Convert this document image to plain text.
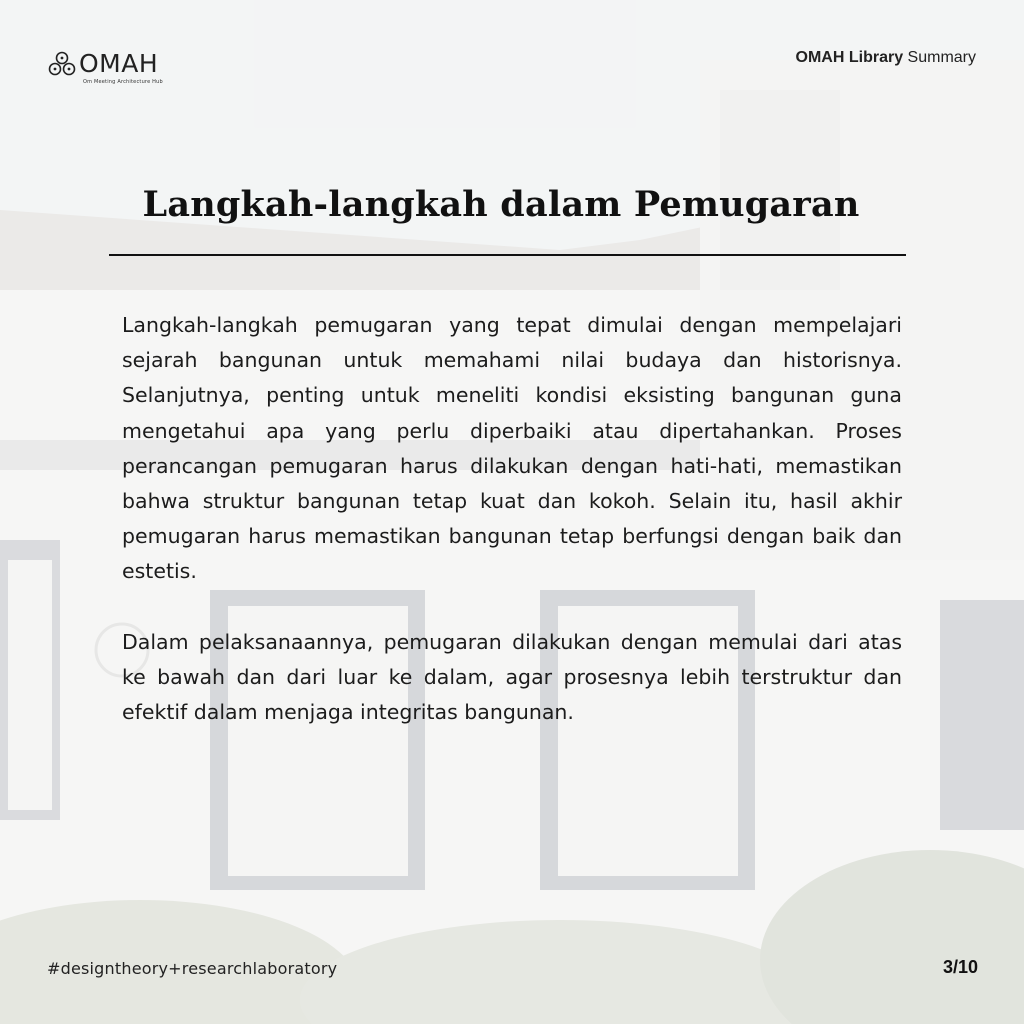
OMAH
Om Meeting Architecture Hub
OMAH Library Summary
Langkah-langkah dalam Pemugaran

Langkah-langkah pemugaran yang tepat dimulai dengan mempelajari sejarah bangunan untuk memahami nilai budaya dan historisnya. Selanjutnya, penting untuk meneliti kondisi eksisting bangunan guna mengetahui apa yang perlu diperbaiki atau dipertahankan. Proses perancangan pemugaran harus dilakukan dengan hati-hati, memastikan bahwa struktur bangunan tetap kuat dan kokoh. Selain itu, hasil akhir pemugaran harus memastikan bangunan tetap berfungsi dengan baik dan estetis.

Dalam pelaksanaannya, pemugaran dilakukan dengan memulai dari atas ke bawah dan dari luar ke dalam, agar prosesnya lebih terstruktur dan efektif dalam menjaga integritas bangunan.

#designtheory+researchlaboratory	3/10
